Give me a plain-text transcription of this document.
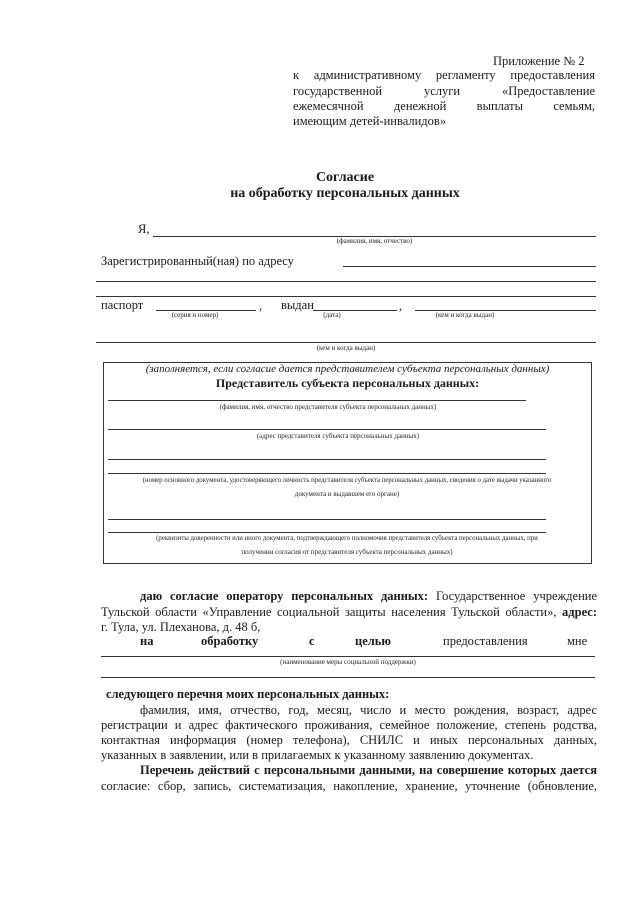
Приложение № 2
к административному регламенту предоставления
государственной услуги «Предоставление
ежемесячной денежной выплаты семьям,
имеющим детей-инвалидов»
Согласие
на обработку персональных данных
Я,
(фамилия, имя, отчество)
Зарегистрированный(ная) по адресу
паспорт	, выдан	,
(серия и номер)	(дата)	(кем и когда выдан)
(кем и когда выдан)
(заполняется, если согласие дается представителем субъекта персональных данных)
Представитель субъекта персональных данных:
(фамилия, имя, отчество представителя субъекта персональных данных)
(адрес представителя субъекта персональных данных)
(номер основного документа, удостоверяющего личность представителя субъекта персональных данных, сведения о дате выдачи указанного
документа и выдавшем его органе)
(реквизиты доверенности или иного документа, подтверждающего полномочия представителя субъекта персональных данных, при
получении согласия от представителя субъекта персональных данных)
даю согласие оператору персональных данных: Государственное учреждение
Тульской области «Управление социальной защиты населения Тульской области», адрес:
г. Тула, ул. Плеханова, д. 48 б,
на	обработку	с	целью	предоставления	мне
(наименование меры социальной поддержки)
следующего перечня моих персональных данных:
фамилия, имя, отчество, год, месяц, число и место рождения, возраст, адрес
регистрации и адрес фактического проживания, семейное положение, степень родства,
контактная информация (номер телефона), СНИЛС и иных персональных данных,
указанных в заявлении, или в прилагаемых к указанному заявлению документах.
Перечень действий с персональными данными, на совершение которых дается
согласие: сбор, запись, систематизация, накопление, хранение, уточнение (обновление,
